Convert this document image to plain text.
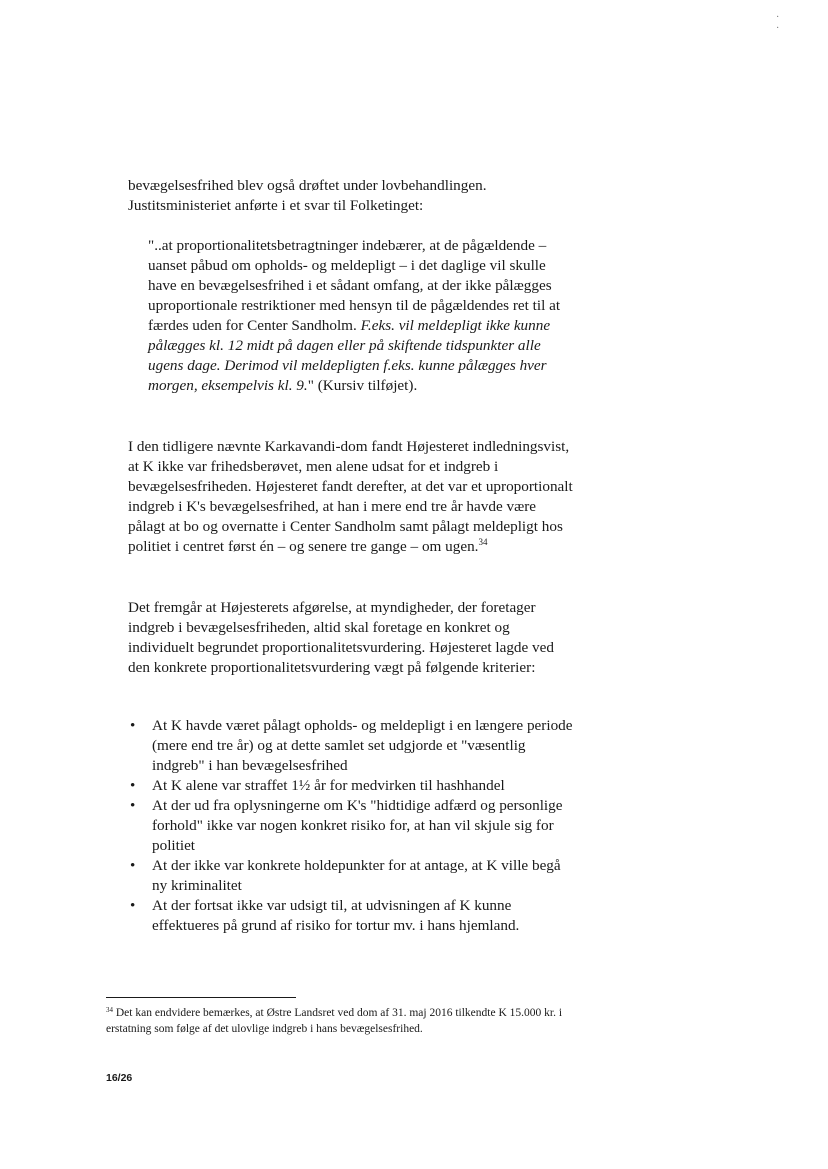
· ·
bevægelsesfrihed blev også drøftet under lovbehandlingen. Justitsministeriet anførte i et svar til Folketinget:
"..at proportionalitetsbetragtninger indebærer, at de pågældende – uanset påbud om opholds- og meldepligt – i det daglige vil skulle have en bevægelsesfrihed i et sådant omfang, at der ikke pålægges uproportionale restriktioner med hensyn til de pågældendes ret til at færdes uden for Center Sandholm. F.eks. vil meldepligt ikke kunne pålægges kl. 12 midt på dagen eller på skiftende tidspunkter alle ugens dage. Derimod vil meldepligten f.eks. kunne pålægges hver morgen, eksempelvis kl. 9." (Kursiv tilføjet).
I den tidligere nævnte Karkavandi-dom fandt Højesteret indledningsvist, at K ikke var frihedsberøvet, men alene udsat for et indgreb i bevægelsesfriheden. Højesteret fandt derefter, at det var et uproportionalt indgreb i K's bevægelsesfrihed, at han i mere end tre år havde være pålagt at bo og overnatte i Center Sandholm samt pålagt meldepligt hos politiet i centret først én – og senere tre gange – om ugen.$^{34}$
Det fremgår at Højesterets afgørelse, at myndigheder, der foretager indgreb i bevægelsesfriheden, altid skal foretage en konkret og individuelt begrundet proportionalitetsvurdering. Højesteret lagde ved den konkrete proportionalitetsvurdering vægt på følgende kriterier:
• At K havde været pålagt opholds- og meldepligt i en længere periode (mere end tre år) og at dette samlet set udgjorde et "væsentlig indgreb" i han bevægelsesfrihed
• At K alene var straffet 1½ år for medvirken til hashhandel
• At der ud fra oplysningerne om K's "hidtidige adfærd og personlige forhold" ikke var nogen konkret risiko for, at han vil skjule sig for politiet
• At der ikke var konkrete holdepunkter for at antage, at K ville begå ny kriminalitet
• At der fortsat ikke var udsigt til, at udvisningen af K kunne effektueres på grund af risiko for tortur mv. i hans hjemland.
$^{34}$ Det kan endvidere bemærkes, at Østre Landsret ved dom af 31. maj 2016 tilkendte K 15.000 kr. i erstatning som følge af det ulovlige indgreb i hans bevægelsesfrihed.
16/26
